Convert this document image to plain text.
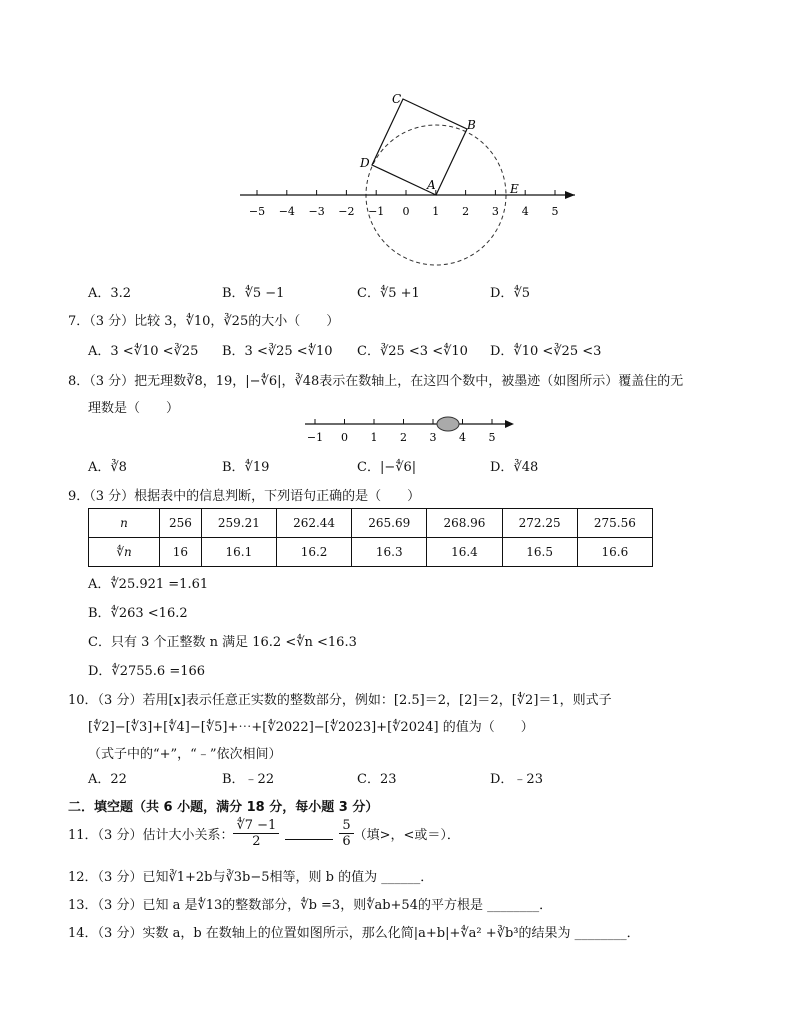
−5 −4 −3 −2 −1 0 1 2 3 4 5
C
B
D
A	E
A．3.2	B．∜5 −1	C．∜5 +1	D．∜5
7．（3 分）比较 3，∜10，∛25的大小（　　）
A．3 <∜10 <∛25 B．3 <∛25 <∜10 C．∛25 <3 <∜10 D．∜10 <∛25 <3
8．（3 分）把无理数∛8，19，|−∜6|，∛48表示在数轴上，在这四个数中，被墨迹（如图所示）覆盖住的无
理数是（　　）
−1 0 1 2 3 4 5
A．∛8	B．∜19	C．|−∜6|	D．∛48
9．（3 分）根据表中的信息判断，下列语句正确的是（　　）
n	256	259.21	262.44	265.69	268.96	272.25	275.56
∜n	16	16.1	16.2	16.3	16.4	16.5	16.6
A．∜25.921 =1.61
B．∜263 <16.2
C．只有 3 个正整数 n 满足 16.2 <∜n <16.3
D．∜2755.6 =166
10．（3 分）若用[x]表示任意正实数的整数部分，例如：[2.5]＝2，[2]＝2，[∜2]＝1，则式子
[∜2]−[∜3]+[∜4]−[∜5]+⋯+[∜2022]−[∜2023]+[∜2024] 的值为（　　）
（式子中的“+”，“﹣”依次相间）
A．22	B．﹣22	C．23	D．﹣23
二．填空题（共 6 小题，满分 18 分，每小题 3 分）
11．（3 分）估计大小关系： $\frac{∜7 -1}{2}$	$\frac{5}{6}$ （填>，<或＝）．
12．（3 分）已知∛1+2b与∛3b−5相等，则 b 的值为 ______．
13．（3 分）已知 a 是∜13的整数部分，∜b =3，则∜ab+54的平方根是 ________．
14．（3 分）实数 a，b 在数轴上的位置如图所示，那么化简|a+b|+∜a² +∛b³的结果为 ________．
